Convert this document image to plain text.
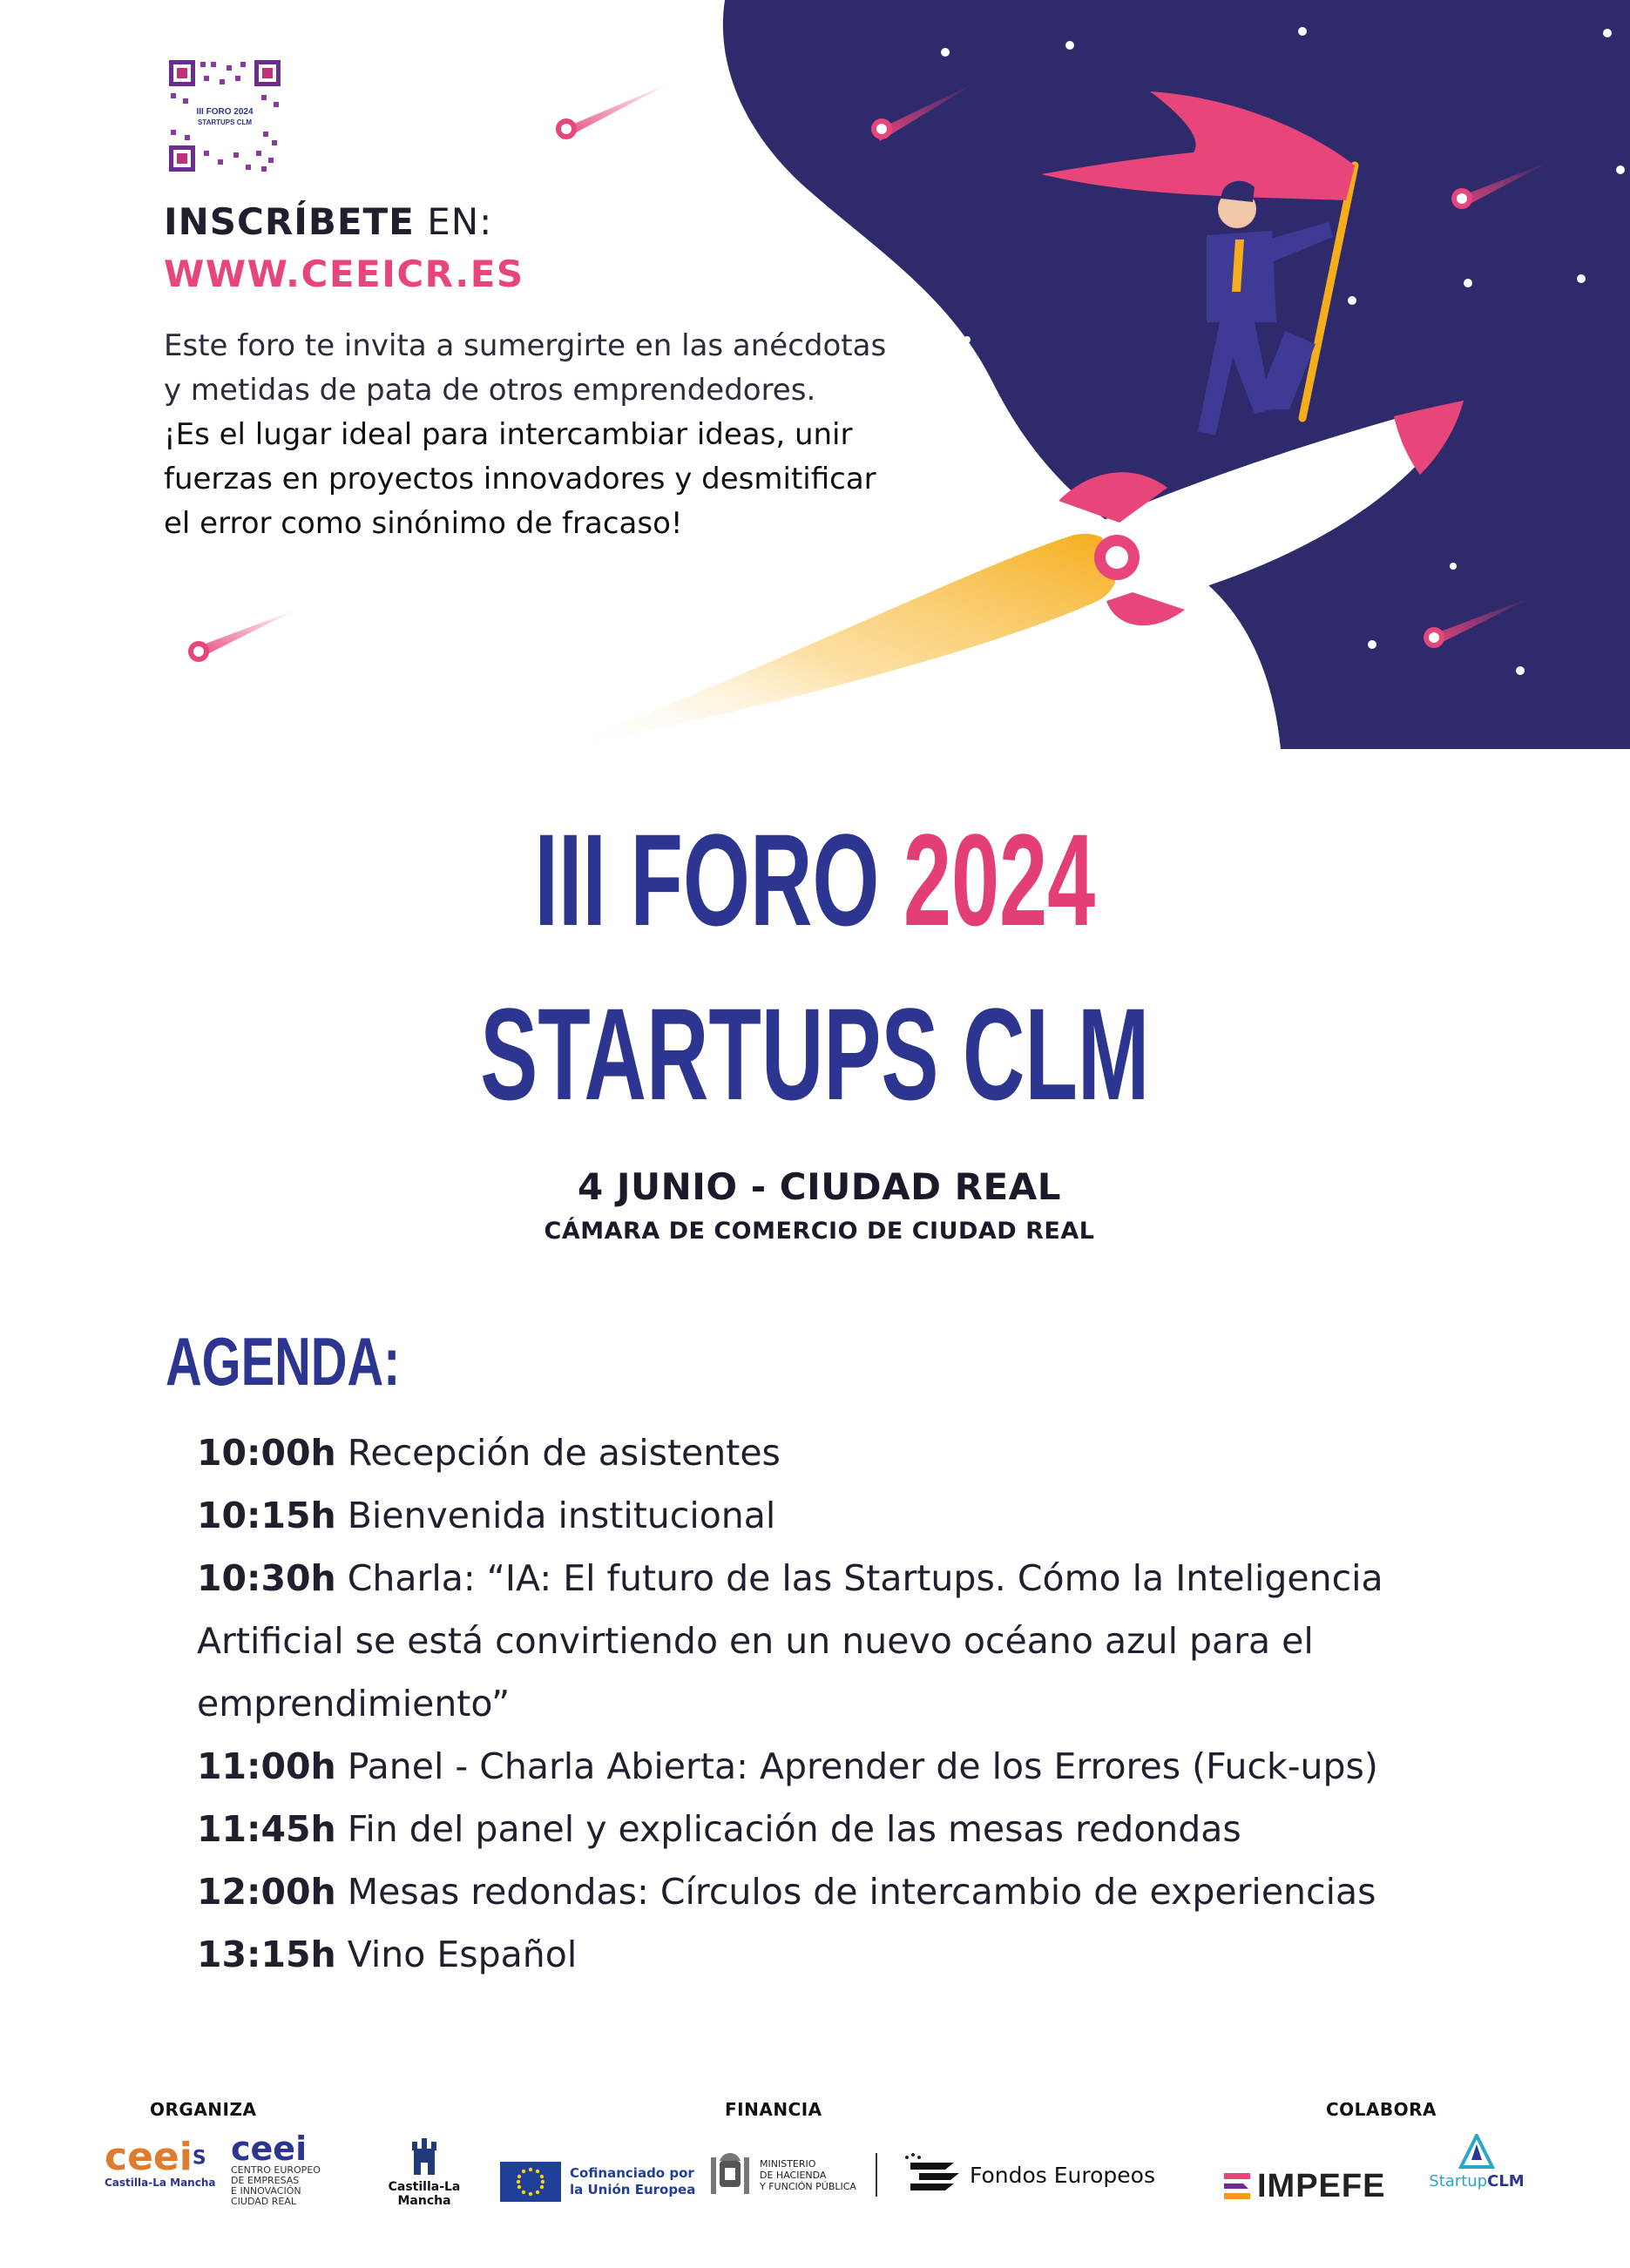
III FORO 2024
STARTUPS CLM
INSCRÍBETE EN:
WWW.CEEICR.ES

Este foro te invita a sumergirte en las anécdotas

y metidas de pata de otros emprendedores.

¡Es el lugar ideal para intercambiar ideas, unir

fuerzas en proyectos innovadores y desmitificar

el error como sinónimo de fracaso!

III FORO 2024
STARTUPS CLM
4 JUNIO - CIUDAD REAL
CÁMARA DE COMERCIO DE CIUDAD REAL
AGENDA:
10:00h Recepción de asistentes
10:15h Bienvenida institucional
10:30h Charla: “IA: El futuro de las Startups. Cómo la Inteligencia
Artificial se está convirtiendo en un nuevo océano azul para el
emprendimiento”
11:00h Panel - Charla Abierta: Aprender de los Errores (Fuck-ups)
11:45h Fin del panel y explicación de las mesas redondas
12:00h Mesas redondas: Círculos de intercambio de experiencias
13:15h Vino Español
ORGANIZA	FINANCIA	COLABORA
ceei$^S$
Castilla-La Mancha
ceei
CENTRO EUROPEO
DE EMPRESAS
E INNOVACIÓN
CIUDAD REAL
Castilla-La Mancha
Cofinanciado por
la Unión Europea
MINISTERIO
DE HACIENDA
Y FUNCIÓN PÚBLICA	Fondos Europeos	IMPEFE	StartupCLM
